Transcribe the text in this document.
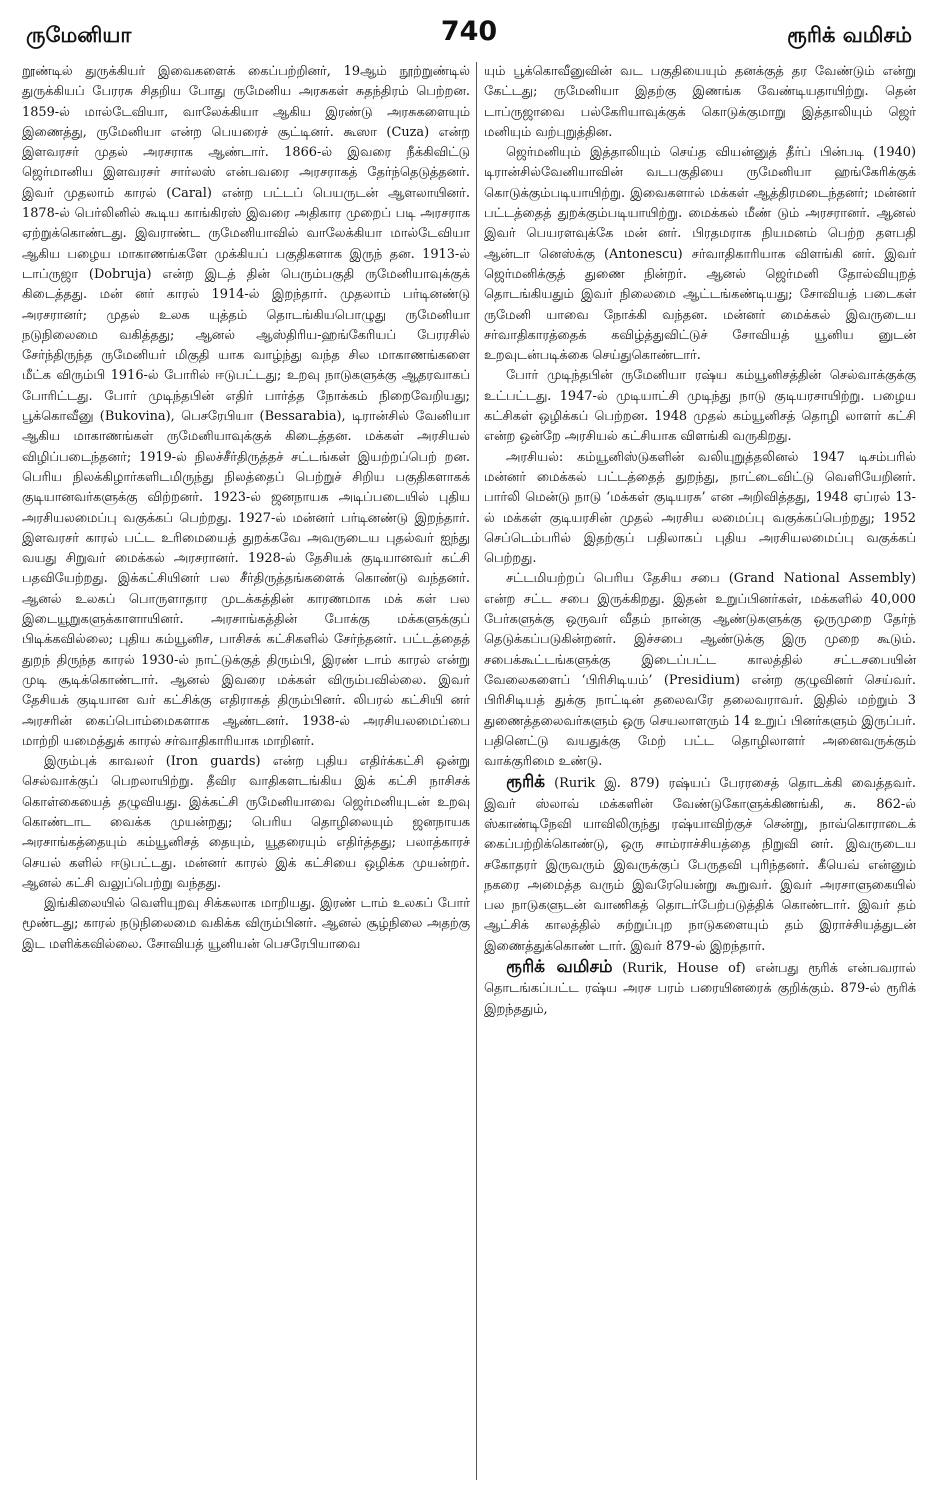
ருமேனியா	740	ரூரிக் வமிசம்

றூண்டில் துருக்கியர் இவைகளைக் கைப்பற்றினர், 19ஆம் நூற்றுண்டில் துருக்கியப் பேரரசு சிதறிய போது ருமேனிய அரசுகள் சுதந்திரம் பெற்றன. 1859-ல் மால்டேவியா, வாலேக்கியா ஆகிய இரண்டு அரசுகளையும் இணைத்து, ருமேனியா என்ற பெயரைச் சூட்டினர். கூஸா (Cuza) என்ற இளவரசர் முதல் அரசராக ஆண்டார். 1866-ல் இவரை நீக்கிவிட்டு ஜெர்மானிய இளவரசர் சார்லஸ் என்பவரை அரசராகத் தேர்ந்தெடுத்தனர். இவர் முதலாம் காரல் (Caral) என்ற பட்டப் பெயருடன் ஆளலாயினர். 1878-ல் பெர்லினில் கூடிய காங்கிரஸ் இவரை அதிகார முறைப் படி அரசராக ஏற்றுக்கொண்டது. இவராண்ட ருமேனியாவில் வாலேக்கியா மால்டேவியா ஆகிய பழைய மாகாணங்களே முக்கியப் பகுதிகளாக இருந் தன. 1913-ல் டாப்ருஜா (Dobruja) என்ற இடத் தின் பெரும்பகுதி ருமேனியாவுக்குக் கிடைத்தது. மன் னர் காரல் 1914-ல் இறந்தார். முதலாம் பர்டினண்டு அரசரானர்; முதல் உலக யுத்தம் தொடங்கியபொழுது ருமேனியா நடுநிலைமை வகித்தது; ஆனல் ஆஸ்திரிய-ஹங்கேரியப் பேரரசில் சேர்ந்திருந்த ருமேனியர் மிகுதி யாக வாழ்ந்து வந்த சில மாகாணங்களை மீட்க விரும்பி 1916-ல் போரில் ஈடுபட்டது; உறவு நாடுகளுக்கு ஆதரவாகப் போரிட்டது. போர் முடிந்தபின் எதிர் பார்த்த நோக்கம் நிறைவேறியது; பூக்கொவீனு (Bukovina), பெசரேபியா (Bessarabia), டிரான்சில் வேனியா ஆகிய மாகாணங்கள் ருமேனியாவுக்குக் கிடைத்தன. மக்கள் அரசியல் விழிப்படைந்தனர்; 1919-ல் நிலச்சீர்திருத்தச் சட்டங்கள் இயற்றப்பெற் றன. பெரிய நிலக்கிழார்களிடமிருந்து நிலத்தைப் பெற்றுச் சிறிய பகுதிகளாகக் குடியானவர்களுக்கு விற்றனர். 1923-ல் ஜனநாயக அடிப்படையில் புதிய அரசியலமைப்பு வகுக்கப் பெற்றது. 1927-ல் மன்னர் பர்டினண்டு இறந்தார். இளவரசர் காரல் பட்ட உரிமையைத் துறக்கவே அவருடைய புதல்வர் ஐந்து வயது சிறுவர் மைக்கல் அரசரானர். 1928-ல் தேசியக் குடியானவர் கட்சி பதவியேற்றது. இக்கட்சியினர் பல சீர்திருத்தங்களைக் கொண்டு வந்தனர். ஆனல் உலகப் பொருளாதார முடக்கத்தின் காரணமாக மக் கள் பல இடையூறுகளுக்காளாயினர். அரசாங்கத்தின் போக்கு மக்களுக்குப் பிடிக்கவில்லை; புதிய கம்யூனிச, பாசிசக் கட்சிகளில் சேர்ந்தனர். பட்டத்தைத் துறந் திருந்த காரல் 1930-ல் நாட்டுக்குத் திரும்பி, இரண் டாம் காரல் என்று முடி சூடிக்கொண்டார். ஆனல் இவரை மக்கள் விரும்பவில்லை. இவர் தேசியக் குடியான வர் கட்சிக்கு எதிராகத் திரும்பினர். லிபரல் கட்சியி னர் அரசரின் கைப்பொம்மைகளாக ஆண்டனர். 1938-ல் அரசியலமைப்பை மாற்றி யமைத்துக் காரல் சர்வாதிகாரியாக மாறினர்.

இரும்புக் காவலர் (Iron guards) என்ற புதிய எதிர்க்கட்சி ஒன்று செல்வாக்குப் பெறலாயிற்று. தீவிர வாதிகளடங்கிய இக் கட்சி நாசிசக் கொள்கையைத் தழுவியது. இக்கட்சி ருமேனியாவை ஜெர்மனியுடன் உறவு கொண்டாட வைக்க முயன்றது; பெரிய தொழிலையும் ஜனநாயக அரசாங்கத்தையும் கம்யூனிசத் தையும், யூதரையும் எதிர்த்தது; பலாத்காரச் செயல் களில் ஈடுபட்டது. மன்னர் காரல் இக் கட்சியை ஒழிக்க முயன்றர். ஆனல் கட்சி வலுப்பெற்று வந்தது.

இங்கிலையில் வெளியுறவு சிக்கலாக மாறியது. இரண் டாம் உலகப் போர் மூண்டது; காரல் நடுநிலைமை வகிக்க விரும்பினர். ஆனல் சூழ்நிலை அதற்கு இட மளிக்கவில்லை. சோவியத் யூனியன் பெசரேபியாவை

யும் பூக்கொவீனுவின் வட பகுதியையும் தனக்குத் தர வேண்டும் என்று கேட்டது; ருமேனியா இதற்கு இணங்க வேண்டியதாயிற்று. தென் டாப்ருஜாவை பல்கேரியாவுக்குக் கொடுக்குமாறு இத்தாலியும் ஜெர் மனியும் வற்புறுத்தின.

ஜெர்மனியும் இத்தாலியும் செய்த வியன்னுத் தீர்ப் பின்படி (1940) டிரான்சில்வேனியாவின் வடபகுதியை ருமேனியா ஹங்கேரிக்குக் கொடுக்கும்படியாயிற்று. இவைகளால் மக்கள் ஆத்திரமடைந்தனர்; மன்னர் பட்டத்தைத் துறக்கும்படியாயிற்று. மைக்கல் மீண் டும் அரசரானர். ஆனல் இவர் பெயரளவுக்கே மன் னர். பிரதமராக நியமனம் பெற்ற தளபதி ஆன்டா னெஸ்க்கு (Antonescu) சர்வாதிகாரியாக விளங்கி னர். இவர் ஜெர்மனிக்குத் துணை நின்றர். ஆனல் ஜெர்மனி தோல்வியுறத் தொடங்கியதும் இவர் நிலைமை ஆட்டங்கண்டியது; சோவியத் படைகள் ருமேனி யாவை நோக்கி வந்தன. மன்னர் மைக்கல் இவருடைய சர்வாதிகாரத்தைக் கவிழ்த்துவிட்டுச் சோவியத் யூனிய னுடன் உறவுடன்படிக்கை செய்துகொண்டார்.

போர் முடிந்தபின் ருமேனியா ரஷ்ய கம்யூனிசத்தின் செல்வாக்குக்கு உட்பட்டது. 1947-ல் முடியாட்சி முடிந்து நாடு குடியரசாயிற்று. பழைய கட்சிகள் ஒழிக்கப் பெற்றன. 1948 முதல் கம்யூனிசத் தொழி லாளர் கட்சி என்ற ஒன்றே அரசியல் கட்சியாக விளங்கி வருகிறது.

அரசியல்: கம்யூனிஸ்டுகளின் வலியுறுத்தலினல் 1947 டிசம்பரில் மன்னர் மைக்கல் பட்டத்தைத் துறந்து, நாட்டைவிட்டு வெளியேறினர். பார்லி மென்டு நாடு ‘மக்கள் குடியரசு’ என அறிவித்தது, 1948 ஏப்ரல் 13-ல் மக்கள் குடியரசின் முதல் அரசிய லமைப்பு வகுக்கப்பெற்றது; 1952 செப்டெம்பரில் இதற்குப் பதிலாகப் புதிய அரசியலமைப்பு வகுக்கப் பெற்றது.

சட்டமியற்றப் பெரிய தேசிய சபை (Grand National Assembly) என்ற சட்ட சபை இருக்கிறது. இதன் உறுப்பினர்கள், மக்களில் 40,000 பேர்களுக்கு ஒருவர் வீதம் நான்கு ஆண்டுகளுக்கு ஒருமுறை தேர்ந் தெடுக்கப்படுகின்றனர். இச்சபை ஆண்டுக்கு இரு முறை கூடும். சபைக்கூட்டங்களுக்கு இடைப்பட்ட காலத்தில் சட்டசபையின் வேலைகளைப் ‘பிரிசிடியம்’ (Presidium) என்ற குழுவினர் செய்வர். பிரிசிடியத் துக்கு நாட்டின் தலைவரே தலைவராவர். இதில் மற்றும் 3 துணைத்தலைவர்களும் ஒரு செயலாளரும் 14 உறுப் பினர்களும் இருப்பர். பதினெட்டு வயதுக்கு மேற் பட்ட தொழிலாளர் அனைவருக்கும் வாக்குரிமை உண்டு.

ரூரிக் (Rurik இ. 879) ரஷ்யப் பேரரசைத் தொடக்கி வைத்தவர். இவர் ஸ்லாவ் மக்களின் வேண்டுகோளுக்கிணங்கி, சு. 862-ல் ஸ்காண்டிநேவி யாவிலிருந்து ரஷ்யாவிற்குச் சென்று, நாவ்கொராடைக் கைப்பற்றிக்கொண்டு, ஒரு சாம்ராச்சியத்தை நிறுவி னர். இவருடைய சகோதரர் இருவரும் இவருக்குப் பேருதவி புரிந்தனர். கீயெவ் என்னும் நகரை அமைத்த வரும் இவரேயென்று கூறுவர். இவர் அரசாளுகையில் பல நாடுகளுடன் வாணிகத் தொடர்பேற்படுத்திக் கொண்டார். இவர் தம் ஆட்சிக் காலத்தில் சுற்றுப்புற நாடுகளையும் தம் இராச்சியத்துடன் இணைத்துக்கொண் டார். இவர் 879-ல் இறந்தார்.

ரூரிக் வமிசம் (Rurik, House of) என்பது ரூரிக் என்பவரால் தொடங்கப்பட்ட ரஷ்ய அரச பரம் பரையினரைக் குறிக்கும். 879-ல் ரூரிக் இறந்ததும்,
